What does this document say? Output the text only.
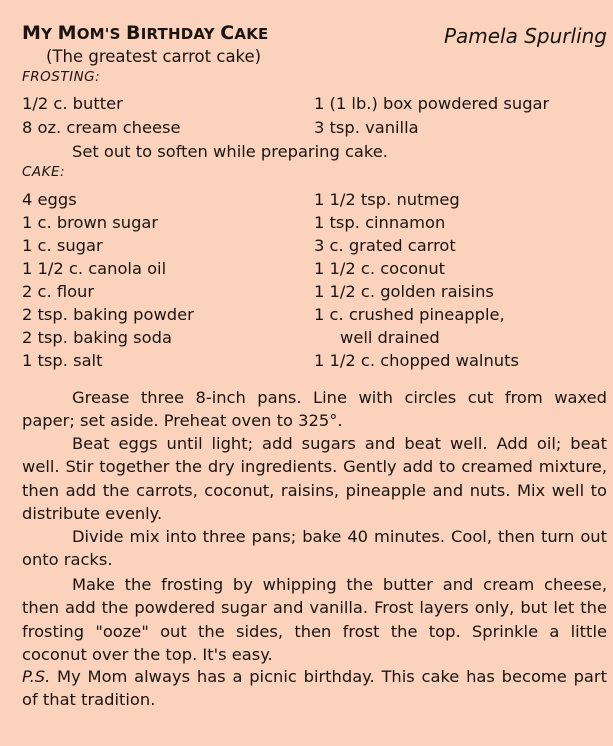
MY MOM'S BIRTHDAY CAKE	Pamela Spurling
(The greatest carrot cake)
FROSTING:
1/2 c. butter
8 oz. cream cheese
1 (1 lb.) box powdered sugar
3 tsp. vanilla
Set out to soften while preparing cake.
CAKE:
4 eggs
1 c. brown sugar
1 c. sugar
1 1/2 c. canola oil
2 c. flour
2 tsp. baking powder
2 tsp. baking soda
1 tsp. salt
1 1/2 tsp. nutmeg
1 tsp. cinnamon
3 c. grated carrot
1 1/2 c. coconut
1 1/2 c. golden raisins
1 c. crushed pineapple,
well drained
1 1/2 c. chopped walnuts
Grease three 8-inch pans. Line with circles cut from waxed paper; set aside. Preheat oven to 325°.
Beat eggs until light; add sugars and beat well. Add oil; beat well. Stir together the dry ingredients. Gently add to creamed mixture, then add the carrots, coconut, raisins, pineapple and nuts. Mix well to distribute evenly.
Divide mix into three pans; bake 40 minutes. Cool, then turn out onto racks.
Make the frosting by whipping the butter and cream cheese, then add the powdered sugar and vanilla. Frost layers only, but let the frosting "ooze" out the sides, then frost the top. Sprinkle a little coconut over the top. It's easy.
P.S. My Mom always has a picnic birthday. This cake has become part of that tradition.
